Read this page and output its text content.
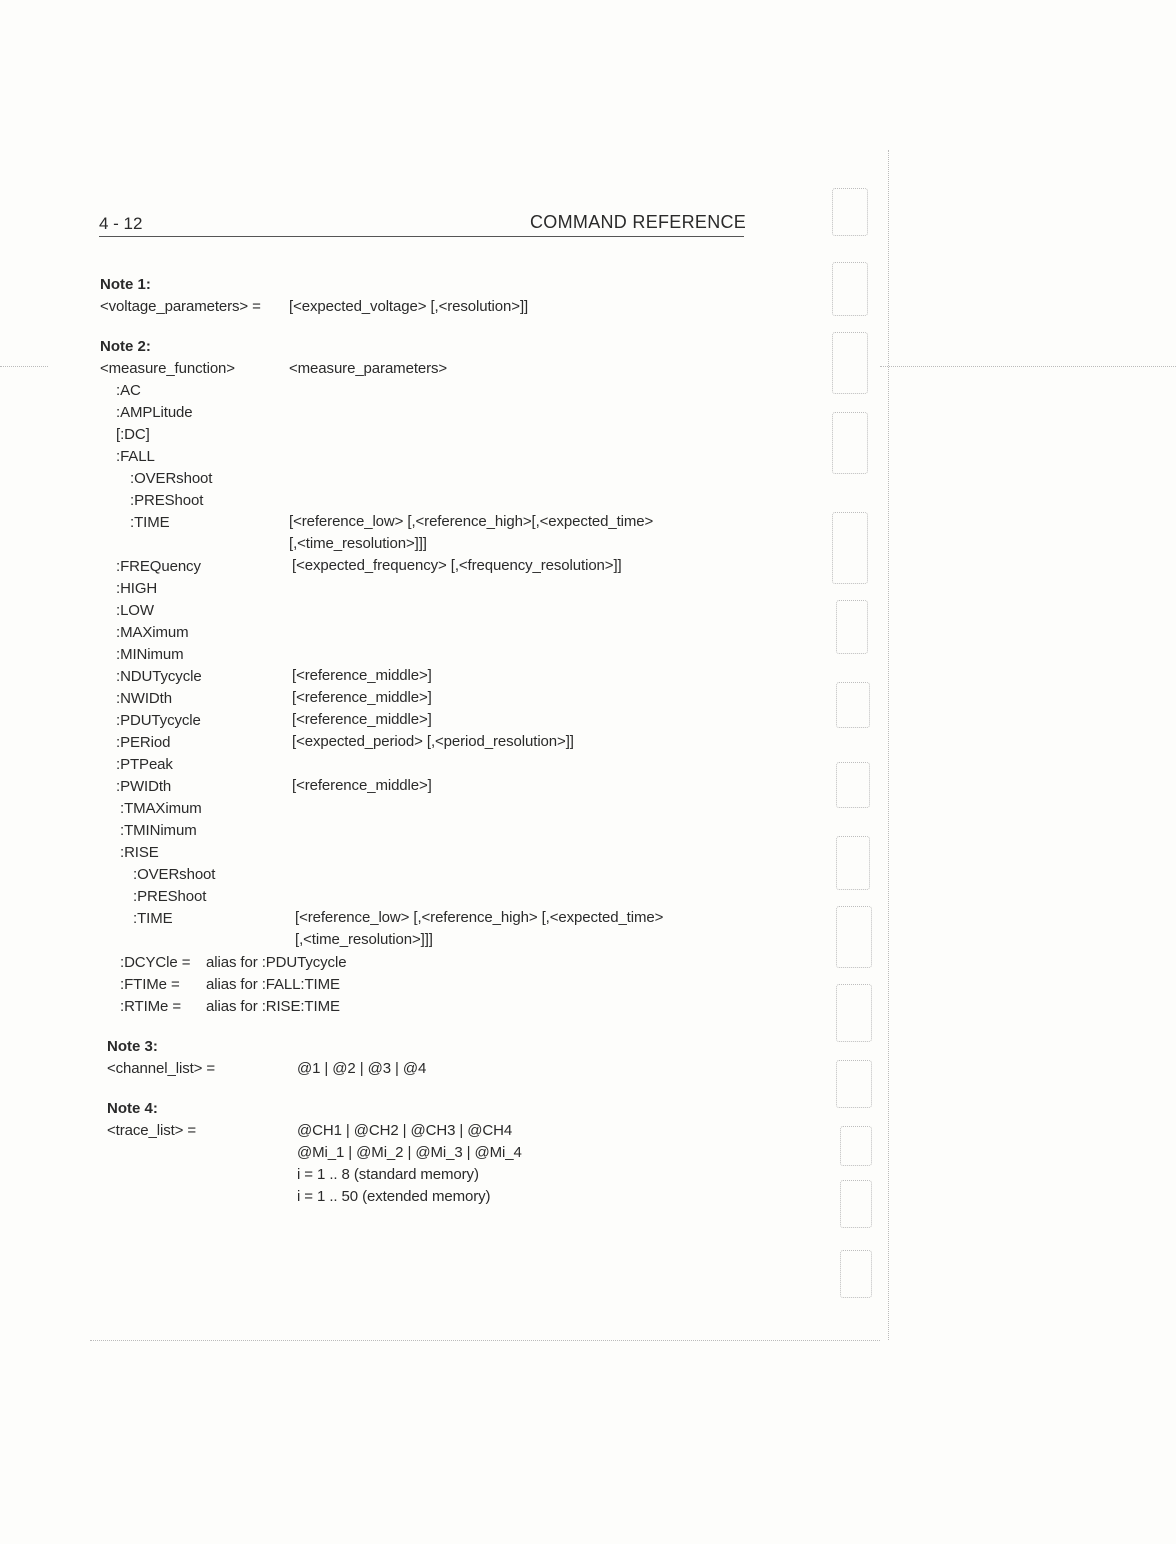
4 - 12	COMMAND REFERENCE
Note 1:
<voltage_parameters> = [<expected_voltage> [,<resolution>]]
Note 2:
<measure_function>	<measure_parameters>
:AC
:AMPLitude
[:DC]
:FALL
:OVERshoot
:PREShoot
:TIME	[<reference_low> [,<reference_high>[,<expected_time>
[,<time_resolution>]]]
:FREQuency	[<expected_frequency> [,<frequency_resolution>]]
:HIGH
:LOW
:MAXimum
:MINimum
:NDUTycycle	[<reference_middle>]
:NWIDth	[<reference_middle>]
:PDUTycycle	[<reference_middle>]
:PERiod	[<expected_period> [,<period_resolution>]]
:PTPeak
:PWIDth	[<reference_middle>]
:TMAXimum
:TMINimum
:RISE
:OVERshoot
:PREShoot
:TIME	[<reference_low> [,<reference_high> [,<expected_time>
[,<time_resolution>]]]
:DCYCle = alias for :PDUTycycle
:FTIMe = alias for :FALL:TIME
:RTIMe = alias for :RISE:TIME
Note 3:
<channel_list> =	@1 | @2 | @3 | @4
Note 4:
<trace_list> =	@CH1 | @CH2 | @CH3 | @CH4
@Mi_1 | @Mi_2 | @Mi_3 | @Mi_4
i = 1 .. 8 (standard memory)
i = 1 .. 50 (extended memory)
